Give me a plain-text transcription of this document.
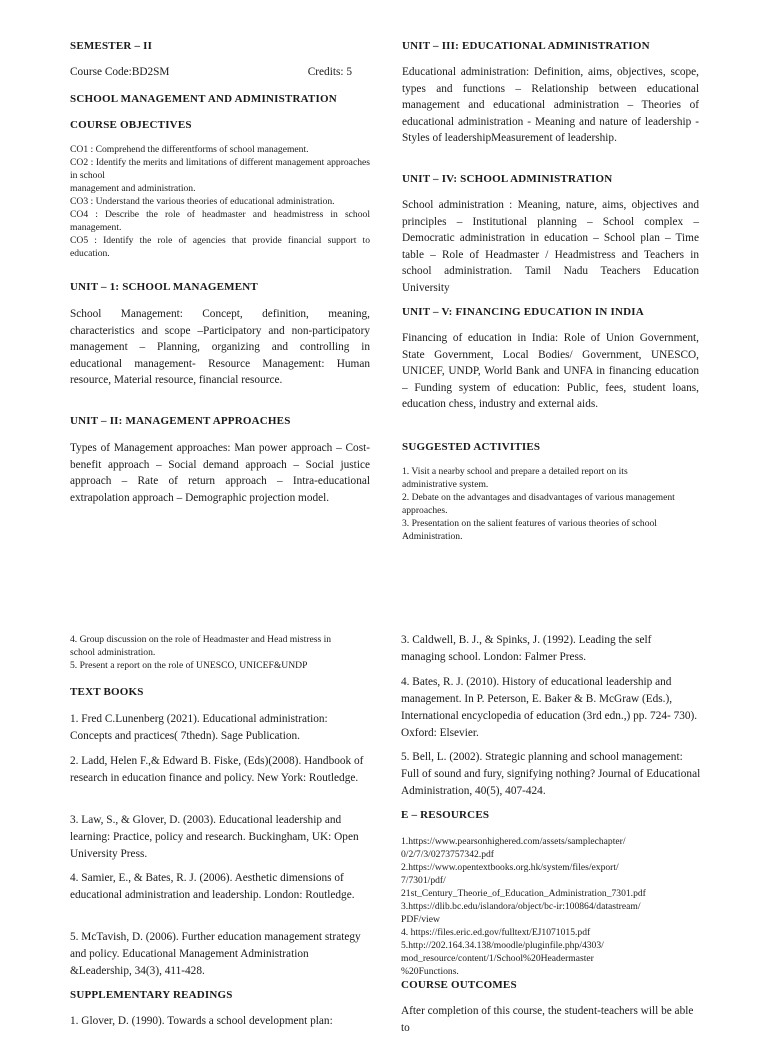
SEMESTER – II

Course Code:BD2SM	Credits: 5

SCHOOL MANAGEMENT AND ADMINISTRATION

COURSE OBJECTIVES

CO1 : Comprehend the differentforms of school management.

CO2 : Identify the merits and limitations of different management approaches in school

management and administration.

CO3 : Understand the various theories of educational administration.

CO4 : Describe the role of headmaster and headmistress in school management.

CO5 : Identify the role of agencies that provide financial support to education.

UNIT – 1: SCHOOL MANAGEMENT

School Management: Concept, definition, meaning, characteristics and scope –Participatory and non-participatory management – Planning, organizing and controlling in educational management- Resource Management: Human resource, Material resource, financial resource.

UNIT – II: MANAGEMENT APPROACHES

Types of Management approaches: Man power approach – Cost-benefit approach – Social demand approach – Social justice approach – Rate of return approach – Intra-educational extrapolation approach – Demographic projection model.

UNIT – III: EDUCATIONAL ADMINISTRATION

Educational administration: Definition, aims, objectives, scope, types and functions – Relationship between educational management and educational administration – Theories of educational administration - Meaning and nature of leadership - Styles of leadershipMeasurement of leadership.

UNIT – IV: SCHOOL ADMINISTRATION

School administration : Meaning, nature, aims, objectives and principles – Institutional planning – School complex – Democratic administration in education – School plan – Time table – Role of Headmaster / Headmistress and Teachers in school administration. Tamil Nadu Teachers Education University

UNIT – V: FINANCING EDUCATION IN INDIA

Financing of education in India: Role of Union Government, State Government, Local Bodies/ Government, UNESCO, UNICEF, UNDP, World Bank and UNFA in financing education – Funding system of education: Public, fees, student loans, education chess, industry and external aids.

SUGGESTED ACTIVITIES

1. Visit a nearby school and prepare a detailed report on its administrative system.

2. Debate on the advantages and disadvantages of various management approaches.

3. Presentation on the salient features of various theories of school Administration.

4. Group discussion on the role of Headmaster and Head mistress in school administration.

5. Present a report on the role of UNESCO, UNICEF&UNDP

TEXT BOOKS

1. Fred C.Lunenberg (2021). Educational administration: Concepts and practices( 7thedn). Sage Publication.

2. Ladd, Helen F.,& Edward B. Fiske, (Eds)(2008). Handbook of research in education finance and policy. New York: Routledge.

3. Law, S., & Glover, D. (2003). Educational leadership and learning: Practice, policy and research. Buckingham, UK: Open University Press.

4. Samier, E., & Bates, R. J. (2006). Aesthetic dimensions of educational administration and leadership. London: Routledge.

5. McTavish, D. (2006). Further education management strategy and policy. Educational Management Administration &Leadership, 34(3), 411-428.

SUPPLEMENTARY READINGS

1. Glover, D. (1990). Towards a school development plan:

3. Caldwell, B. J., & Spinks, J. (1992). Leading the self managing school. London: Falmer Press.

4. Bates, R. J. (2010). History of educational leadership and management. In P. Peterson, E. Baker & B. McGraw (Eds.), International encyclopedia of education (3rd edn.,) pp. 724- 730). Oxford: Elsevier.

5. Bell, L. (2002). Strategic planning and school management: Full of sound and fury, signifying nothing? Journal of Educational Administration, 40(5), 407-424.

E – RESOURCES

1.https://www.pearsonhighered.com/assets/samplechapter/

0/2/7/3/0273757342.pdf

2.https://www.opentextbooks.org.hk/system/files/export/

7/7301/pdf/

21st_Century_Theorie_of_Education_Administration_7301.pdf

3.https://dlib.bc.edu/islandora/object/bc-ir:100864/datastream/

PDF/view

4. https://files.eric.ed.gov/fulltext/EJ1071015.pdf

5.http://202.164.34.138/moodle/pluginfile.php/4303/

mod_resource/content/1/School%20Headermaster

%20Functions.

COURSE OUTCOMES

After completion of this course, the student-teachers will be able to
